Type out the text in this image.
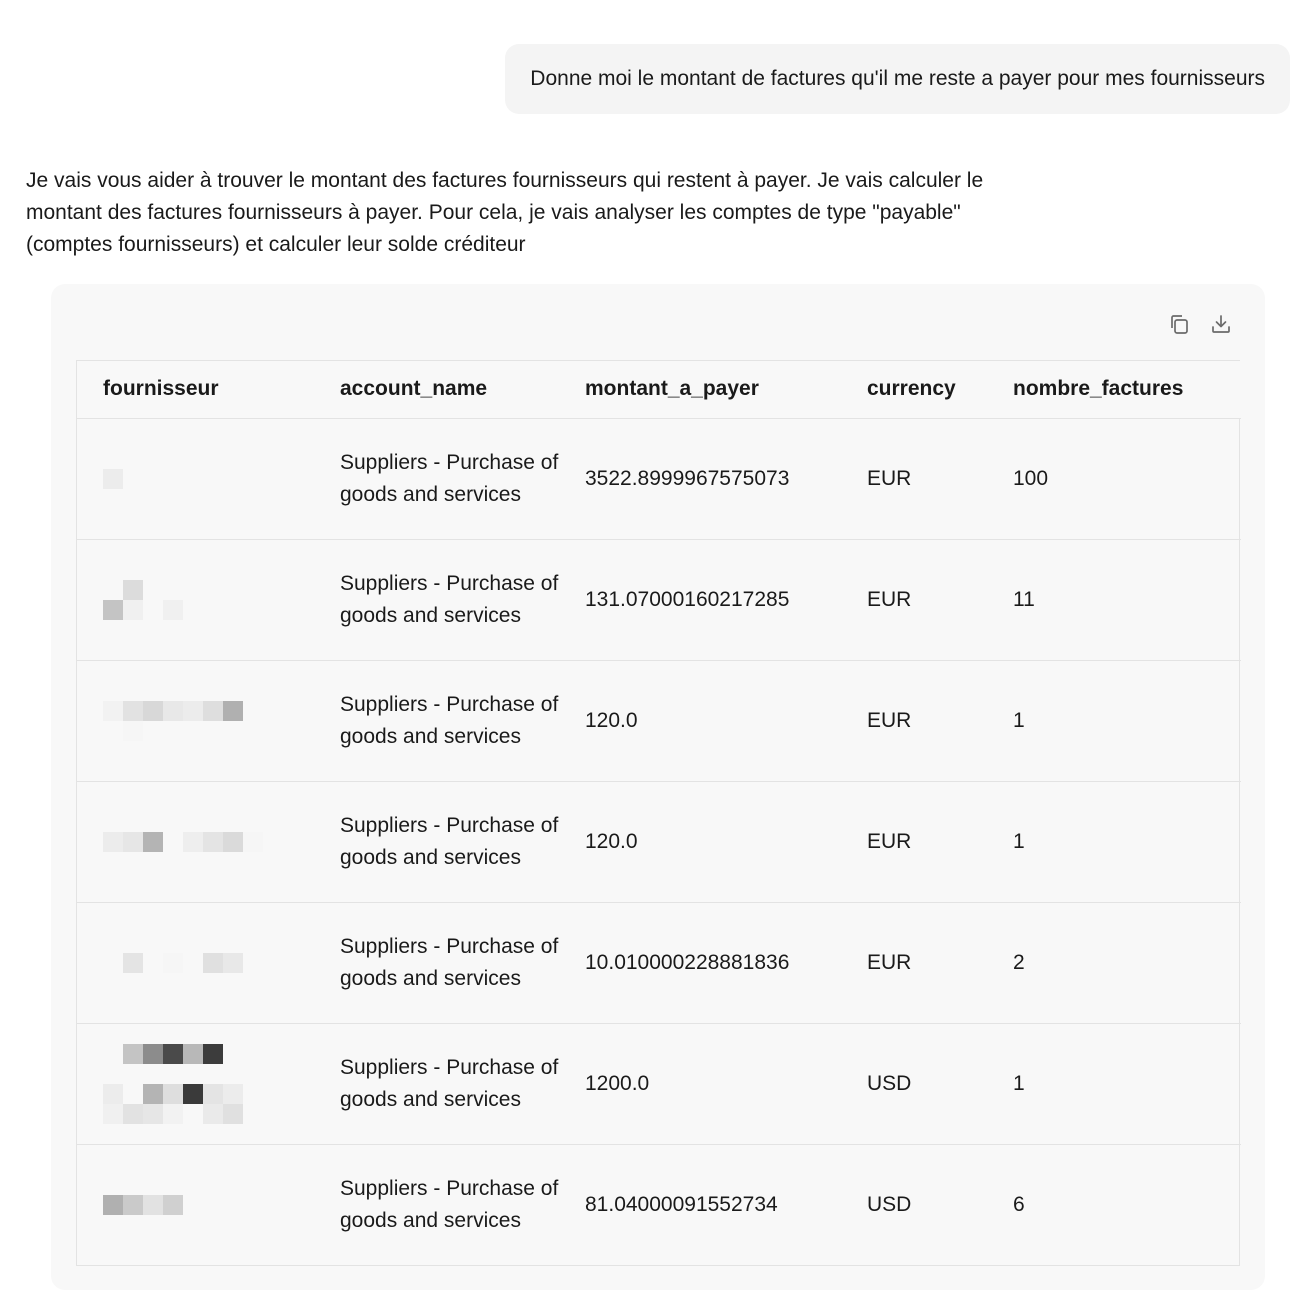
Donne moi le montant de factures qu'il me reste a payer pour mes fournisseurs

Je vais vous aider à trouver le montant des factures fournisseurs qui restent à payer. Je vais calculer le montant des factures fournisseurs à payer. Pour cela, je vais analyser les comptes de type "payable" (comptes fournisseurs) et calculer leur solde créditeur

fournisseur	account_name	montant_a_payer	currency	nombre_factures

	Suppliers - Purchase of goods and services	3522.8999967575073	EUR	100

	Suppliers - Purchase of goods and services	131.07000160217285	EUR	11

	Suppliers - Purchase of goods and services	120.0	EUR	1

	Suppliers - Purchase of goods and services	120.0	EUR	1

	Suppliers - Purchase of goods and services	10.010000228881836	EUR	2

	Suppliers - Purchase of goods and services	1200.0	USD	1

	Suppliers - Purchase of goods and services	81.04000091552734	USD	6
